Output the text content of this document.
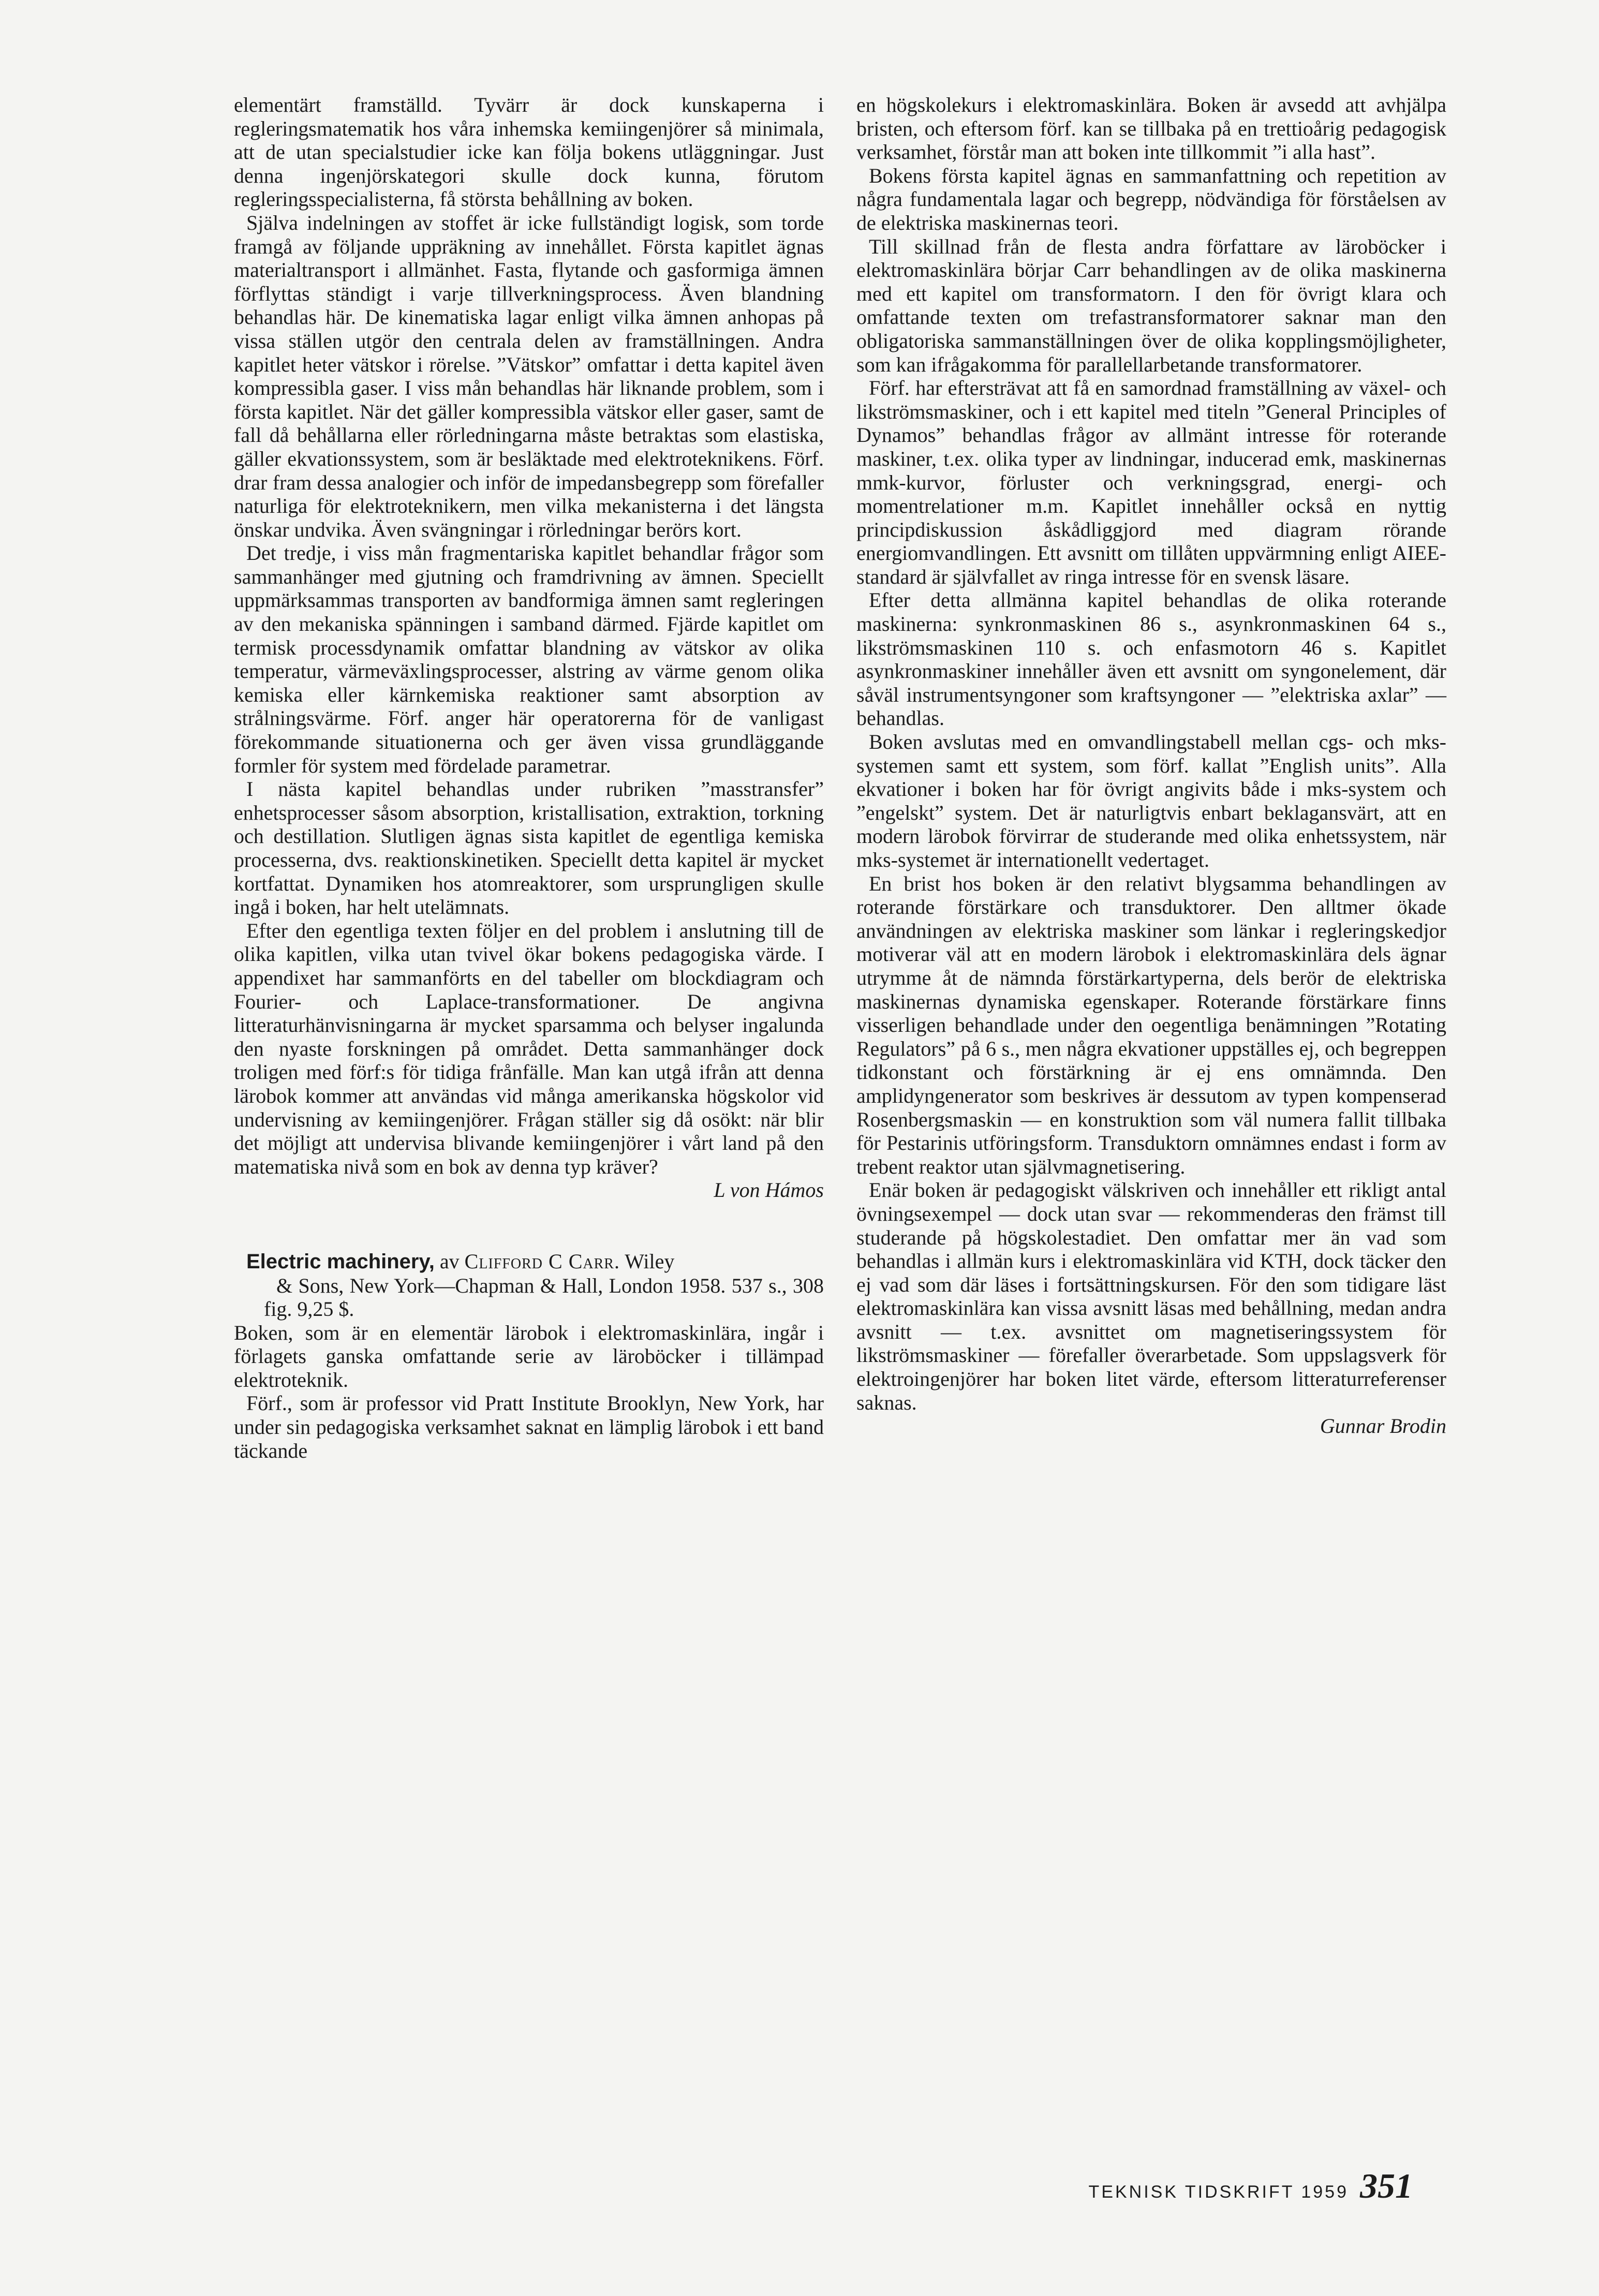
elementärt framställd. Tyvärr är dock kunskaperna i regleringsmatematik hos våra inhemska kemiingenjörer så minimala, att de utan specialstudier icke kan följa bokens utläggningar. Just denna ingenjörskategori skulle dock kunna, förutom regleringsspecialisterna, få största behållning av boken.

Själva indelningen av stoffet är icke fullständigt logisk, som torde framgå av följande uppräkning av innehållet. Första kapitlet ägnas materialtransport i allmänhet. Fasta, flytande och gasformiga ämnen förflyttas ständigt i varje tillverkningsprocess. Även blandning behandlas här. De kinematiska lagar enligt vilka ämnen anhopas på vissa ställen utgör den centrala delen av framställningen. Andra kapitlet heter vätskor i rörelse. ”Vätskor” omfattar i detta kapitel även kompressibla gaser. I viss mån behandlas här liknande problem, som i första kapitlet. När det gäller kompressibla vätskor eller gaser, samt de fall då behållarna eller rörledningarna måste betraktas som elastiska, gäller ekvationssystem, som är besläktade med elektroteknikens. Förf. drar fram dessa analogier och inför de impedansbegrepp som förefaller naturliga för elektroteknikern, men vilka mekanisterna i det längsta önskar undvika. Även svängningar i rörledningar berörs kort.

Det tredje, i viss mån fragmentariska kapitlet behandlar frågor som sammanhänger med gjutning och framdrivning av ämnen. Speciellt uppmärksammas transporten av bandformiga ämnen samt regleringen av den mekaniska spänningen i samband därmed. Fjärde kapitlet om termisk processdynamik omfattar blandning av vätskor av olika temperatur, värmeväxlingsprocesser, alstring av värme genom olika kemiska eller kärnkemiska reaktioner samt absorption av strålningsvärme. Förf. anger här operatorerna för de vanligast förekommande situationerna och ger även vissa grundläggande formler för system med fördelade parametrar.

I nästa kapitel behandlas under rubriken ”masstransfer” enhetsprocesser såsom absorption, kristallisation, extraktion, torkning och destillation. Slutligen ägnas sista kapitlet de egentliga kemiska processerna, dvs. reaktionskinetiken. Speciellt detta kapitel är mycket kortfattat. Dynamiken hos atomreaktorer, som ursprungligen skulle ingå i boken, har helt utelämnats.

Efter den egentliga texten följer en del problem i anslutning till de olika kapitlen, vilka utan tvivel ökar bokens pedagogiska värde. I appendixet har sammanförts en del tabeller om blockdiagram och Fourier- och Laplace-transformationer. De angivna litteraturhänvisningarna är mycket sparsamma och belyser ingalunda den nyaste forskningen på området. Detta sammanhänger dock troligen med förf:s för tidiga frånfälle. Man kan utgå ifrån att denna lärobok kommer att användas vid många amerikanska högskolor vid undervisning av kemiingenjörer. Frågan ställer sig då osökt: när blir det möjligt att undervisa blivande kemiingenjörer i vårt land på den matematiska nivå som en bok av denna typ kräver?

L von Hámos

Electric machinery, av Clifford C Carr. Wiley
& Sons, New York—Chapman & Hall, London 1958. 537 s., 308 fig. 9,25 $.

Boken, som är en elementär lärobok i elektromaskinlära, ingår i förlagets ganska omfattande serie av läroböcker i tillämpad elektroteknik.

Förf., som är professor vid Pratt Institute Brooklyn, New York, har under sin pedagogiska verksamhet saknat en lämplig lärobok i ett band täckande

en högskolekurs i elektromaskinlära. Boken är avsedd att avhjälpa bristen, och eftersom förf. kan se tillbaka på en trettioårig pedagogisk verksamhet, förstår man att boken inte tillkommit ”i alla hast”.

Bokens första kapitel ägnas en sammanfattning och repetition av några fundamentala lagar och begrepp, nödvändiga för förståelsen av de elektriska maskinernas teori.

Till skillnad från de flesta andra författare av läroböcker i elektromaskinlära börjar Carr behandlingen av de olika maskinerna med ett kapitel om transformatorn. I den för övrigt klara och omfattande texten om trefastransformatorer saknar man den obligatoriska sammanställningen över de olika kopplingsmöjligheter, som kan ifrågakomma för parallellarbetande transformatorer.

Förf. har eftersträvat att få en samordnad framställning av växel- och likströmsmaskiner, och i ett kapitel med titeln ”General Principles of Dynamos” behandlas frågor av allmänt intresse för roterande maskiner, t.ex. olika typer av lindningar, inducerad emk, maskinernas mmk-kurvor, förluster och verkningsgrad, energi- och momentrelationer m.m. Kapitlet innehåller också en nyttig principdiskussion åskådliggjord med diagram rörande energiomvandlingen. Ett avsnitt om tillåten uppvärmning enligt AIEE-standard är självfallet av ringa intresse för en svensk läsare.

Efter detta allmänna kapitel behandlas de olika roterande maskinerna: synkronmaskinen 86 s., asynkronmaskinen 64 s., likströmsmaskinen 110 s. och enfasmotorn 46 s. Kapitlet asynkronmaskiner innehåller även ett avsnitt om syngonelement, där såväl instrumentsyngoner som kraftsyngoner — ”elektriska axlar” — behandlas.

Boken avslutas med en omvandlingstabell mellan cgs- och mks-systemen samt ett system, som förf. kallat ”English units”. Alla ekvationer i boken har för övrigt angivits både i mks-system och ”engelskt” system. Det är naturligtvis enbart beklagansvärt, att en modern lärobok förvirrar de studerande med olika enhetssystem, när mks-systemet är internationellt vedertaget.

En brist hos boken är den relativt blygsamma behandlingen av roterande förstärkare och transduktorer. Den alltmer ökade användningen av elektriska maskiner som länkar i regleringskedjor motiverar väl att en modern lärobok i elektromaskinlära dels ägnar utrymme åt de nämnda förstärkartyperna, dels berör de elektriska maskinernas dynamiska egenskaper. Roterande förstärkare finns visserligen behandlade under den oegentliga benämningen ”Rotating Regulators” på 6 s., men några ekvationer uppställes ej, och begreppen tidkonstant och förstärkning är ej ens omnämnda. Den amplidyngenerator som beskrives är dessutom av typen kompenserad Rosenbergsmaskin — en konstruktion som väl numera fallit tillbaka för Pestarinis utföringsform. Transduktorn omnämnes endast i form av trebent reaktor utan självmagnetisering.

Enär boken är pedagogiskt välskriven och innehåller ett rikligt antal övningsexempel — dock utan svar — rekommenderas den främst till studerande på högskolestadiet. Den omfattar mer än vad som behandlas i allmän kurs i elektromaskinlära vid KTH, dock täcker den ej vad som där läses i fortsättningskursen. För den som tidigare läst elektromaskinlära kan vissa avsnitt läsas med behållning, medan andra avsnitt — t.ex. avsnittet om magnetiseringssystem för likströmsmaskiner — förefaller överarbetade. Som uppslagsverk för elektroingenjörer har boken litet värde, eftersom litteraturreferenser saknas.

Gunnar Brodin
TEKNISK TIDSKRIFT 1959 351
